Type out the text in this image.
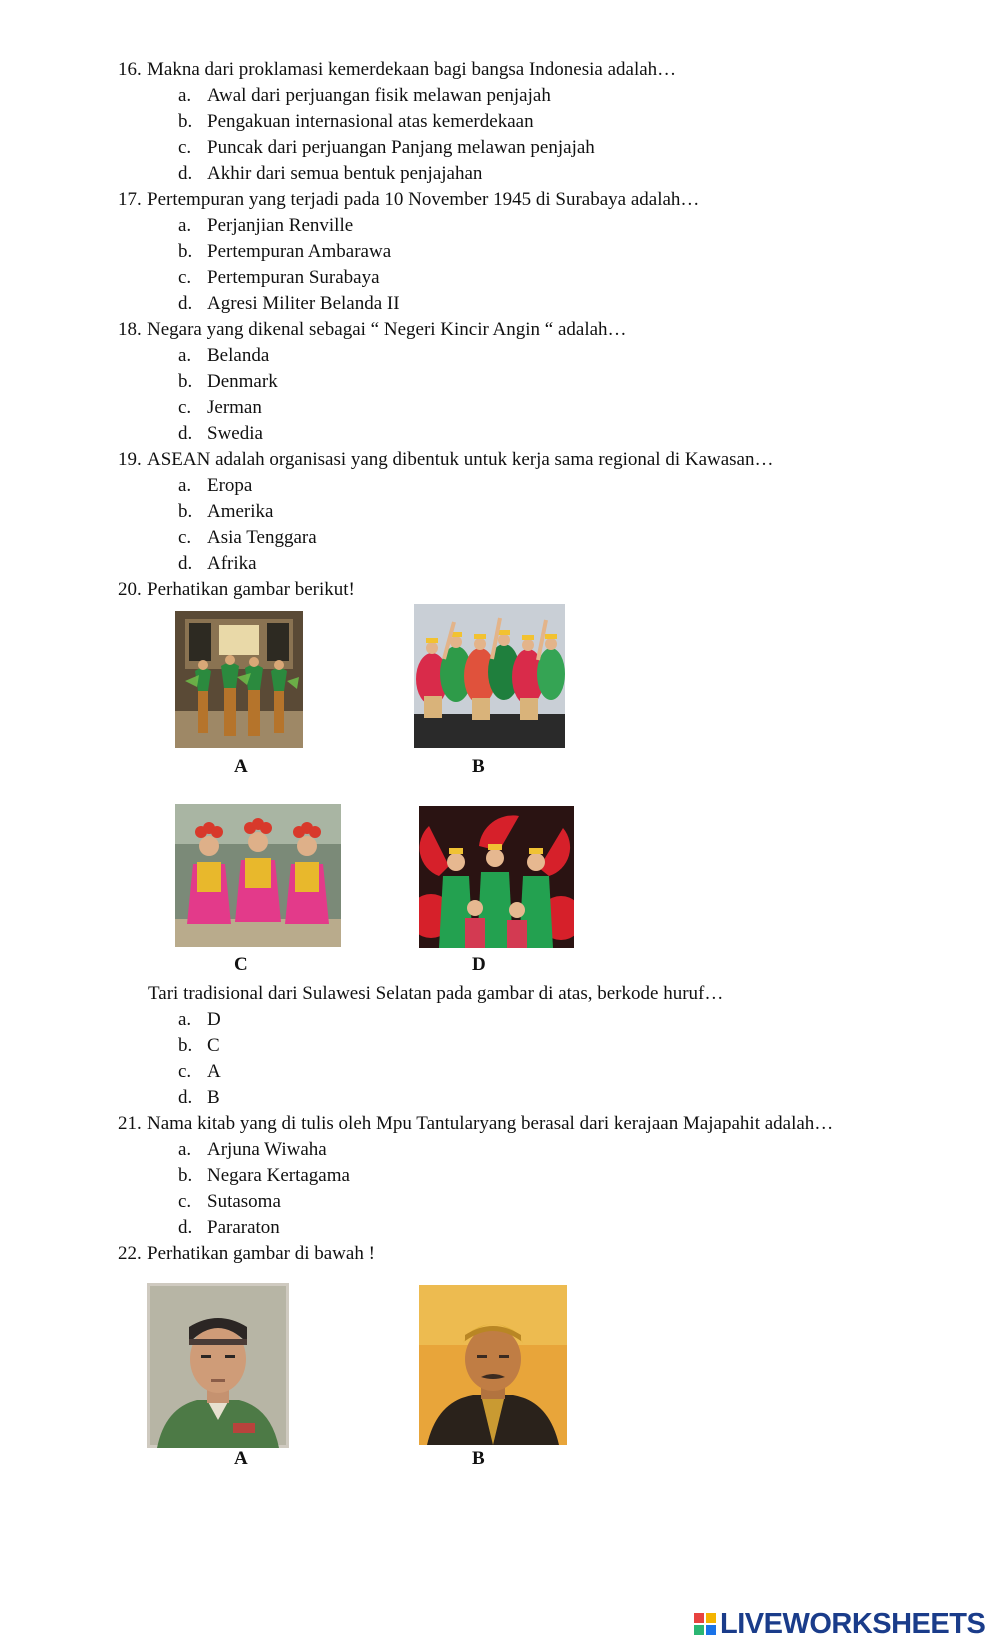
16. Makna dari proklamasi kemerdekaan bagi bangsa Indonesia adalah…
a. Awal dari perjuangan fisik melawan penjajah
b. Pengakuan internasional atas kemerdekaan
c. Puncak dari perjuangan Panjang melawan penjajah
d. Akhir dari semua bentuk penjajahan
17. Pertempuran yang terjadi pada 10 November 1945 di Surabaya adalah…
a. Perjanjian Renville
b. Pertempuran Ambarawa
c. Pertempuran Surabaya
d. Agresi Militer Belanda II
18. Negara yang dikenal sebagai “ Negeri Kincir Angin “ adalah…
a. Belanda
b. Denmark
c. Jerman
d. Swedia
19. ASEAN adalah organisasi yang dibentuk untuk kerja sama regional di Kawasan…
a. Eropa
b. Amerika
c. Asia Tenggara
d. Afrika
20. Perhatikan gambar berikut!
A	B
C	D
Tari tradisional dari Sulawesi Selatan pada gambar di atas, berkode huruf…
a. D
b. C
c. A
d. B
21. Nama kitab yang di tulis oleh Mpu Tantularyang berasal dari kerajaan Majapahit adalah…
a. Arjuna Wiwaha
b. Negara Kertagama
c. Sutasoma
d. Pararaton
22. Perhatikan gambar di bawah !
A	B
LIVEWORKSHEETS
